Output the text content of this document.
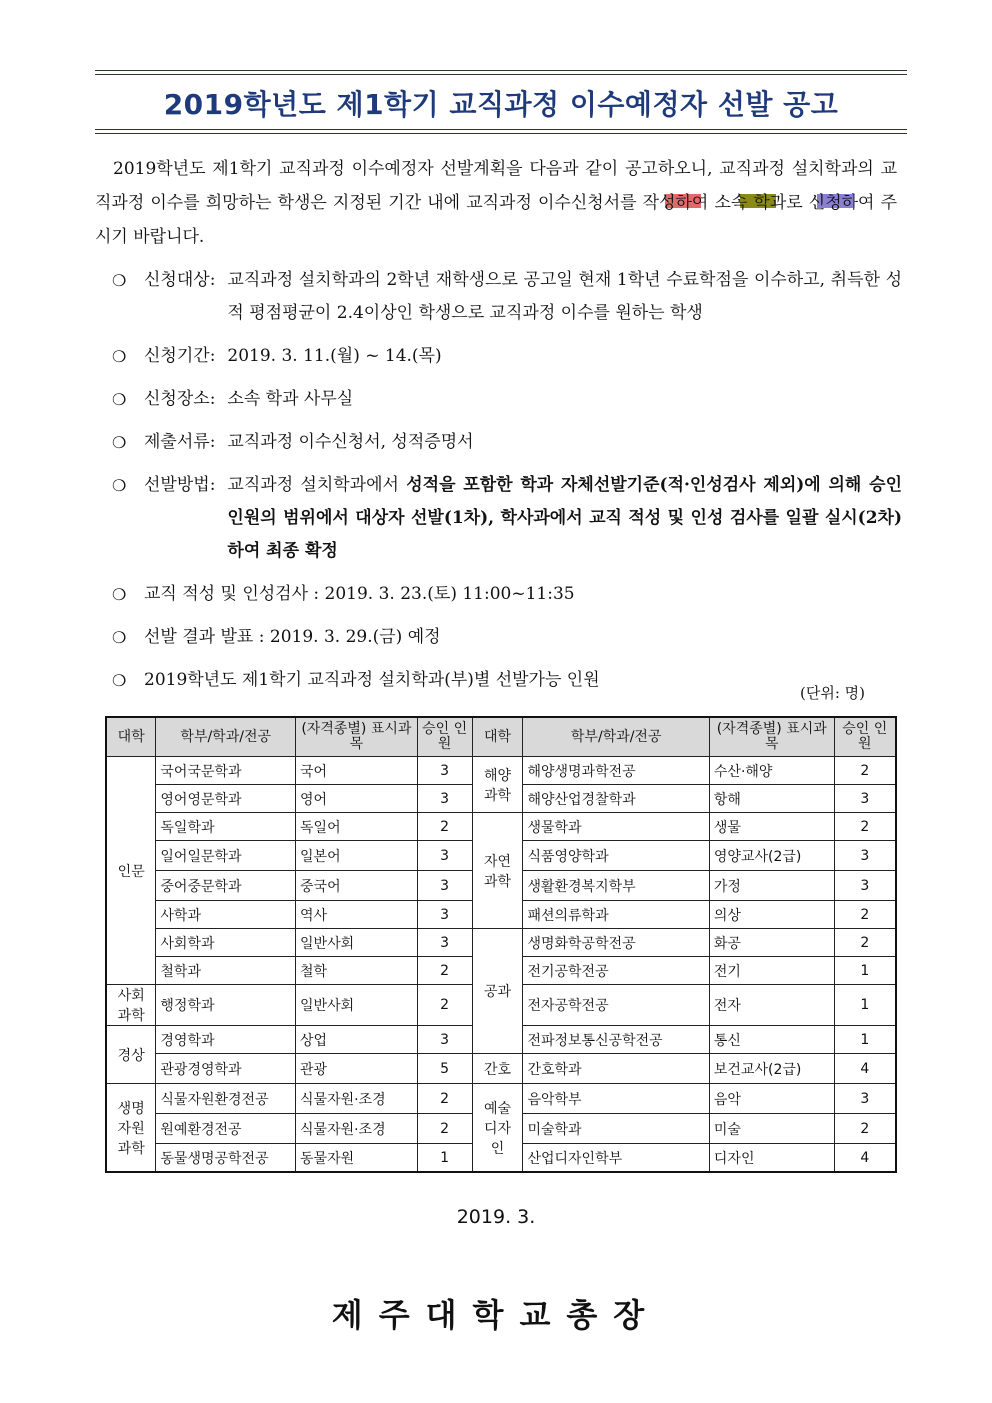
2019학년도 제1학기 교직과정 이수예정자 선발 공고

2019학년도 제1학기 교직과정 이수예정자 선발계획을 다음과 같이 공고하오니, 교직과정 설치학과의 교직과정 이수를 희망하는 학생은 지정된 기간 내에 교직과정 이수신청서를 작성하여 소속 학과로 신청하여 주시기 바랍니다.

❍	신청대상: 교직과정 설치학과의 2학년 재학생으로 공고일 현재 1학년 수료학점을 이수하고, 취득한 성적 평점평균이 2.4이상인 학생으로 교직과정 이수를 원하는 학생
❍	신청기간: 2019. 3. 11.(월) ~ 14.(목)
❍	신청장소: 소속 학과 사무실
❍	제출서류: 교직과정 이수신청서, 성적증명서
❍	선발방법: 교직과정 설치학과에서 성적을 포함한 학과 자체선발기준(적·인성검사 제외)에 의해 승인인원의 범위에서 대상자 선발(1차), 학사과에서 교직 적성 및 인성 검사를 일괄 실시(2차)하여 최종 확정
❍	교직 적성 및 인성검사 : 2019. 3. 23.(토) 11:00~11:35
❍	선발 결과 발표 : 2019. 3. 29.(금) 예정
❍	2019학년도 제1학기 교직과정 설치학과(부)별 선발가능 인원
(단위: 명)
대학	학부/학과/전공	(자격종별) 표시과목	승인 인원	대학	학부/학과/전공	(자격종별) 표시과목	승인 인원
인문	국어국문학과	국어	3	해양 과학	해양생명과학전공	수산·해양	2
	영어영문학과	영어	3		해양산업경찰학과	항해	3
	독일학과	독일어	2	자연 과학	생물학과	생물	2
	일어일문학과	일본어	3		식품영양학과	영양교사(2급)	3
	중어중문학과	중국어	3		생활환경복지학부	가정	3
	사학과	역사	3		패션의류학과	의상	2
	사회학과	일반사회	3	공과	생명화학공학전공	화공	2
	철학과	철학	2		전기공학전공	전기	1
사회 과학	행정학과	일반사회	2		전자공학전공	전자	1
경상	경영학과	상업	3		전파정보통신공학전공	통신	1
	관광경영학과	관광	5	간호	간호학과	보건교사(2급)	4
생명 자원 과학	식물자원환경전공	식물자원·조경	2	예술 디자 인	음악학부	음악	3
	원예환경전공	식물자원·조경	2		미술학과	미술	2
	동물생명공학전공	동물자원	1		산업디자인학부	디자인	4
2019. 3.
제주대학교총장
